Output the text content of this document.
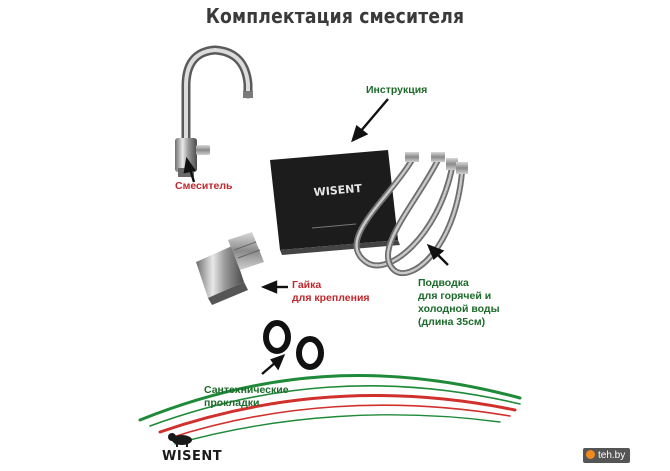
Комплектация смесителя
WISENT
Смеситель
Инструкция
Гайка
для крепления
Подводка
для горячей и
холодной воды
(длина 35см)
Сантехнические
прокладки
WISENT	teh.by
